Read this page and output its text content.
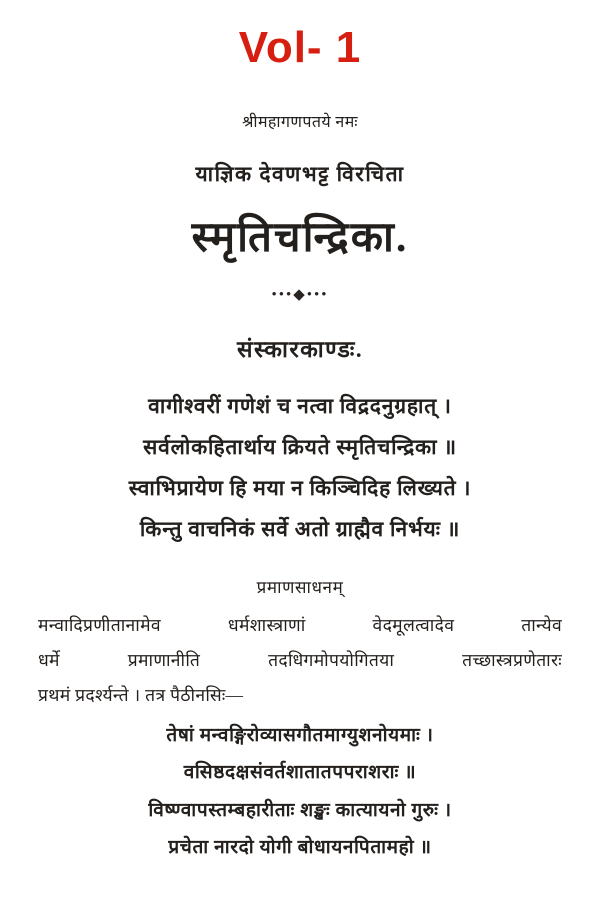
Vol- 1
श्रीमहागणपतये नमः
याज्ञिक देवणभट्ट विरचिता
स्मृतिचन्द्रिका.
•••◆•••
संस्कारकाण्डः.
वागीश्वरीं गणेशं च नत्वा विद्रदनुग्रहात् ।
सर्वलोकहितार्थाय क्रियते स्मृतिचन्द्रिका ॥
स्वाभिप्रायेण हि मया न किञ्चिदिह लिख्यते ।
किन्तु वाचनिकं सर्वे अतो ग्राह्मैव निर्भयः ॥
प्रमाणसाधनम्
मन्वादिप्रणीतानामेव धर्मशास्त्राणां वेदमूलत्वादेव तान्येव
धर्मे प्रमाणानीति तदधिगमोपयोगितया तच्छास्त्रप्रणेतारः
प्रथमं प्रदर्श्यन्ते । तत्र पैठीनसिः—
तेषां मन्वङ्गिरोव्यासगौतमाग्युशनोयमाः ।
वसिष्ठदक्षसंवर्तशातातपपराशराः ॥
विष्ण्वापस्तम्बहारीताः शङ्खः कात्यायनो गुरुः ।
प्रचेता नारदो योगी बोधायनपितामहो ॥
